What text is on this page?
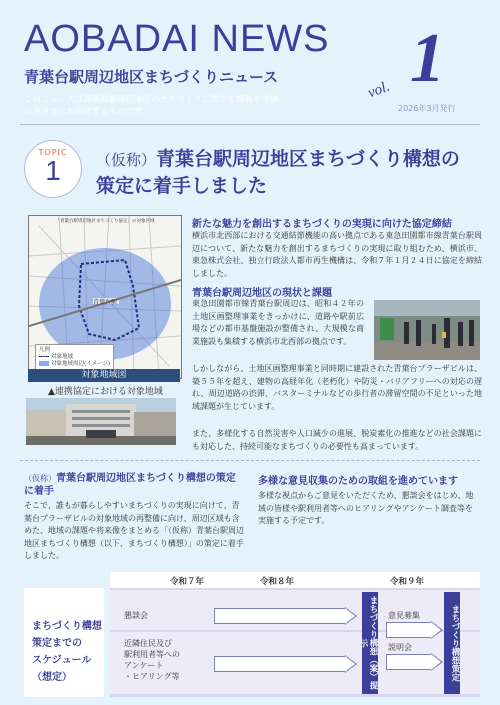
AOBADAI NEWS
青葉台駅周辺地区まちづくりニュース
このニュースは青葉台駅周辺地区のまちづくりに関する情報を地域の皆さまにお届けするものです。
vol. 1
2026年3月発行
TOPIC
1	（仮称）青葉台駅周辺地区まちづくり構想の策定に着手しました
「青葉台駅周辺地区まちづくり協定」の対象区域
青葉台駅
凡例
対象地域
対象地域周辺(イメージ)
対象地域図
▲連携協定における対象地域
新たな魅力を創出するまちづくりの実現に向けた協定締結
横浜市北西部における交通結節機能の高い拠点である東急田園都市線青葉台駅周辺について、新たな魅力を創出するまちづくりの実現に取り組むため、横浜市、東急株式会社、独立行政法人都市再生機構は、令和７年１月２４日に協定を締結しました。
青葉台駅周辺地区の現状と課題
東急田園都市線青葉台駅周辺は、昭和４２年の土地区画整理事業をきっかけに、道路や駅前広場などの都市基盤施設が整備され、大規模な商業施設も集積する横浜市北西部の拠点です。
しかしながら、土地区画整理事業と同時期に建設された青葉台プラーザビルは、築５５年を超え、建物の高経年化（老朽化）や防災・バリアフリーへの対応の遅れ、周辺道路の渋滞、バスターミナルなどの歩行者の滞留空間の不足といった地域課題が生じています。
また、多様化する自然災害や人口減少の進展、脱炭素化の推進などの社会課題にも対応した、持続可能なまちづくりの必要性も高まっています。
（仮称）青葉台駅周辺地区まちづくり構想の策定に着手
そこで、誰もが暮らしやすいまちづくりの実現に向けて、青葉台プラーザビルの対象地域の再整備に向け、周辺区域も含めた、地域の課題や将来像をまとめる「（仮称）青葉台駅周辺地区まちづくり構想（以下、まちづくり構想）」の策定に着手しました。
多様な意見収集のための取組を進めています
多様な視点からご意見をいただくため、懇談会をはじめ、地域の皆様や駅利用者等へのヒアリングやアンケート調査等を実施する予定です。
まちづくり構想
策定までの
スケジュール
（想定）
令和７年	令和８年	令和９年
懇談会
近隣住民及び
駅利用者等への
アンケート
・ヒアリング等	まちづくり構想（案）提示
意見募集
説明会	まちづくり構想策定
